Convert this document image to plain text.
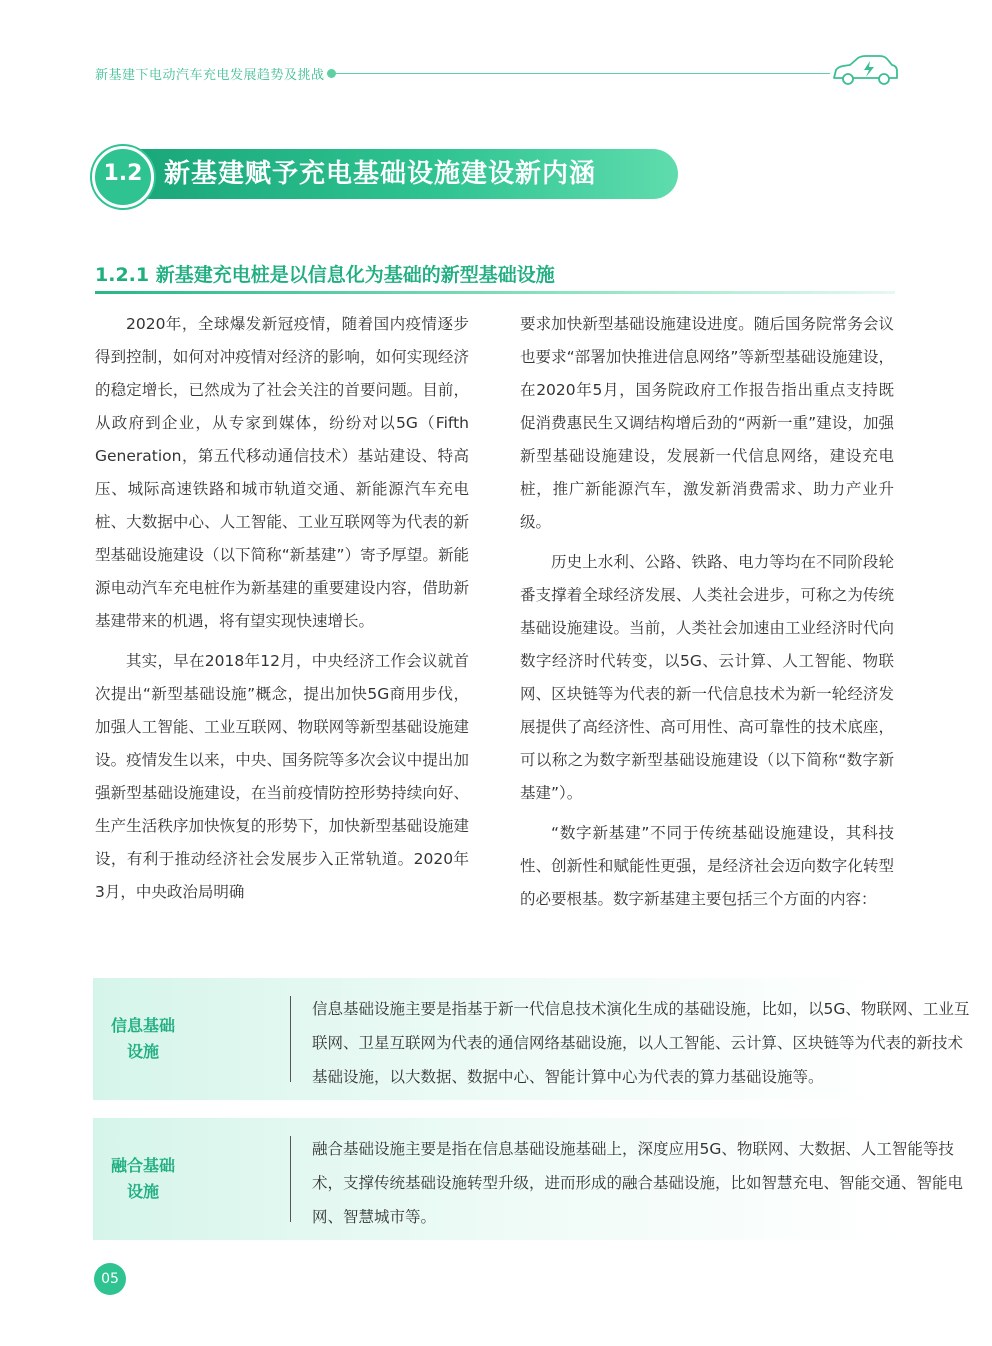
新基建下电动汽车充电发展趋势及挑战
新基建赋予充电基础设施建设新内涵
1.2
1.2.1 新基建充电桩是以信息化为基础的新型基础设施

2020年，全球爆发新冠疫情，随着国内疫情逐步得到控制，如何对冲疫情对经济的影响，如何实现经济的稳定增长，已然成为了社会关注的首要问题。目前，从政府到企业，从专家到媒体，纷纷对以5G（Fifth Generation，第五代移动通信技术）基站建设、特高压、城际高速铁路和城市轨道交通、新能源汽车充电桩、大数据中心、人工智能、工业互联网等为代表的新型基础设施建设（以下简称“新基建”）寄予厚望。新能源电动汽车充电桩作为新基建的重要建设内容，借助新基建带来的机遇，将有望实现快速增长。

其实，早在2018年12月，中央经济工作会议就首次提出“新型基础设施”概念，提出加快5G商用步伐，加强人工智能、工业互联网、物联网等新型基础设施建设。疫情发生以来，中央、国务院等多次会议中提出加强新型基础设施建设，在当前疫情防控形势持续向好、生产生活秩序加快恢复的形势下，加快新型基础设施建设，有利于推动经济社会发展步入正常轨道。2020年3月，中央政治局明确

要求加快新型基础设施建设进度。随后国务院常务会议也要求“部署加快推进信息网络”等新型基础设施建设，在2020年5月，国务院政府工作报告指出重点支持既促消费惠民生又调结构增后劲的“两新一重”建设，加强新型基础设施建设，发展新一代信息网络，建设充电桩，推广新能源汽车，激发新消费需求、助力产业升级。

历史上水利、公路、铁路、电力等均在不同阶段轮番支撑着全球经济发展、人类社会进步，可称之为传统基础设施建设。当前，人类社会加速由工业经济时代向数字经济时代转变，以5G、云计算、人工智能、物联网、区块链等为代表的新一代信息技术为新一轮经济发展提供了高经济性、高可用性、高可靠性的技术底座，可以称之为数字新型基础设施建设（以下简称“数字新基建”）。

“数字新基建”不同于传统基础设施建设，其科技性、创新性和赋能性更强，是经济社会迈向数字化转型的必要根基。数字新基建主要包括三个方面的内容：

信息基础设施
信息基础设施主要是指基于新一代信息技术演化生成的基础设施，比如，以5G、物联网、工业互联网、卫星互联网为代表的通信网络基础设施，以人工智能、云计算、区块链等为代表的新技术基础设施，以大数据、数据中心、智能计算中心为代表的算力基础设施等。
融合基础设施
融合基础设施主要是指在信息基础设施基础上，深度应用5G、物联网、大数据、人工智能等技术，支撑传统基础设施转型升级，进而形成的融合基础设施，比如智慧充电、智能交通、智能电网、智慧城市等。
05
